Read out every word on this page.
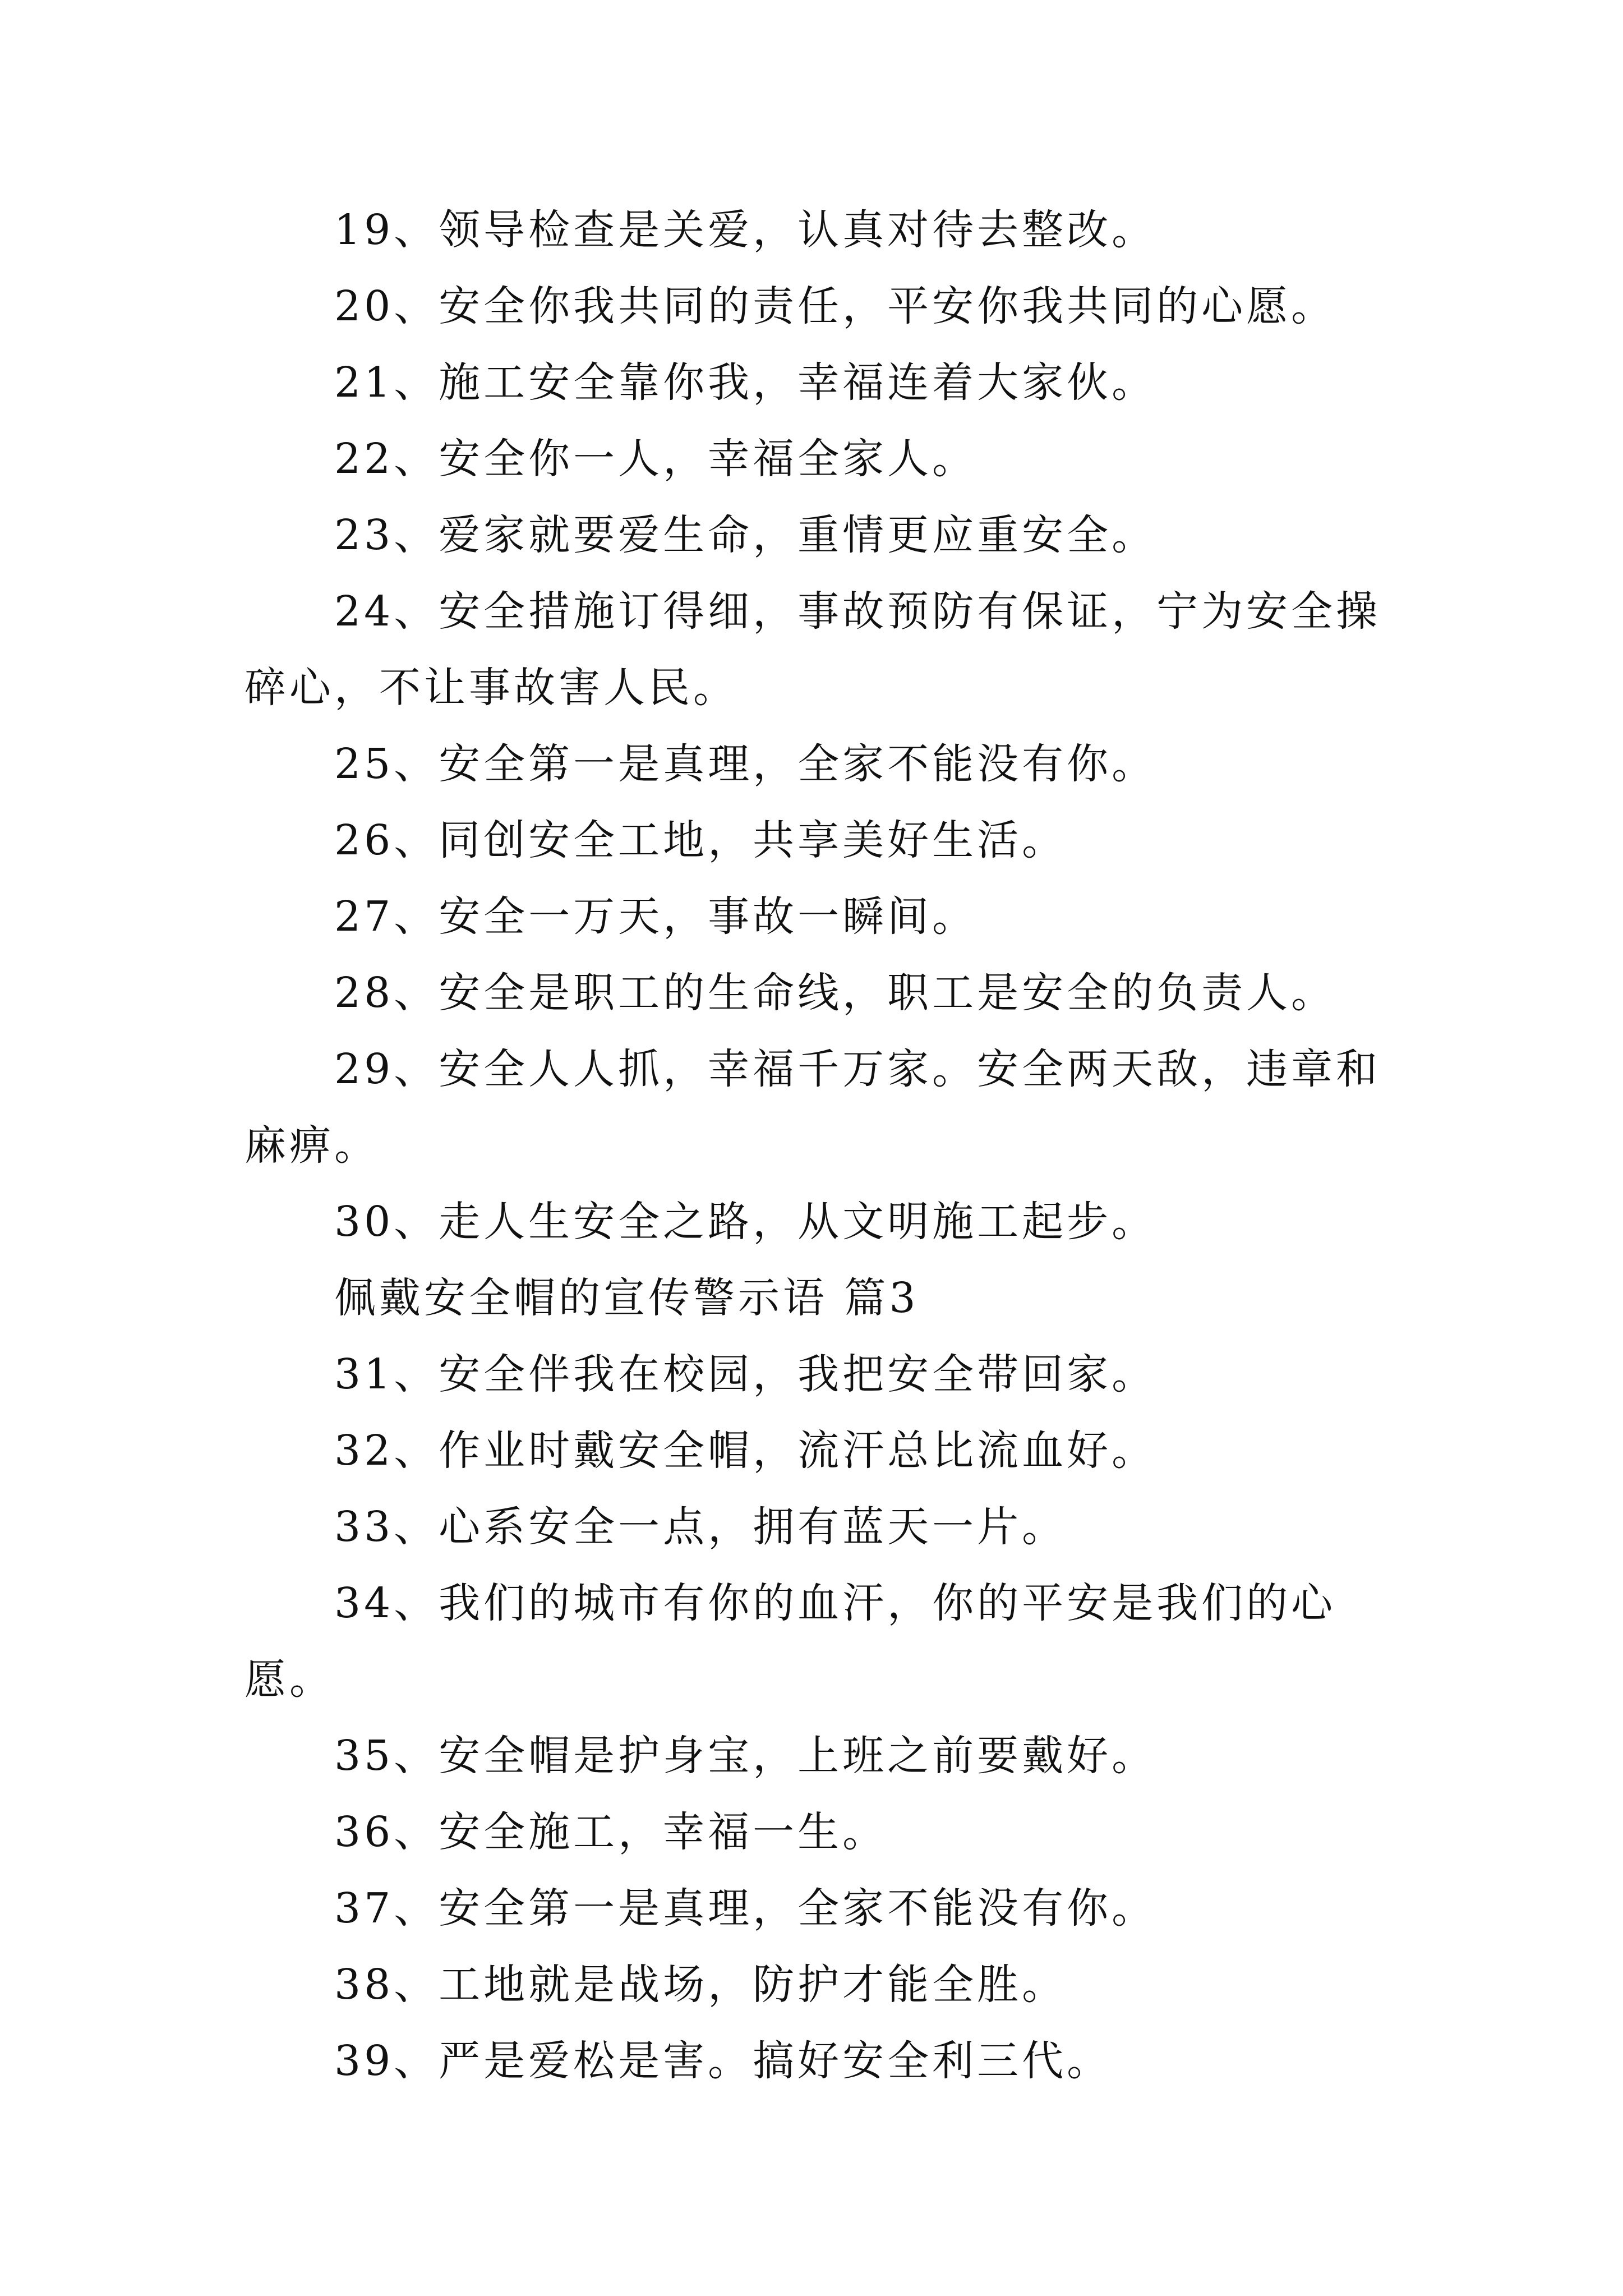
19、领导检查是关爱，认真对待去整改。

20、安全你我共同的责任，平安你我共同的心愿。

21、施工安全靠你我，幸福连着大家伙。

22、安全你一人，幸福全家人。

23、爱家就要爱生命，重情更应重安全。

24、安全措施订得细，事故预防有保证，宁为安全操碎心，不让事故害人民。

25、安全第一是真理，全家不能没有你。

26、同创安全工地，共享美好生活。

27、安全一万天，事故一瞬间。

28、安全是职工的生命线，职工是安全的负责人。

29、安全人人抓，幸福千万家。安全两天敌，违章和麻痹。

30、走人生安全之路，从文明施工起步。

佩戴安全帽的宣传警示语 篇3

31、安全伴我在校园，我把安全带回家。

32、作业时戴安全帽，流汗总比流血好。

33、心系安全一点，拥有蓝天一片。

34、我们的城市有你的血汗，你的平安是我们的心愿。

35、安全帽是护身宝，上班之前要戴好。

36、安全施工，幸福一生。

37、安全第一是真理，全家不能没有你。

38、工地就是战场，防护才能全胜。

39、严是爱松是害。搞好安全利三代。
